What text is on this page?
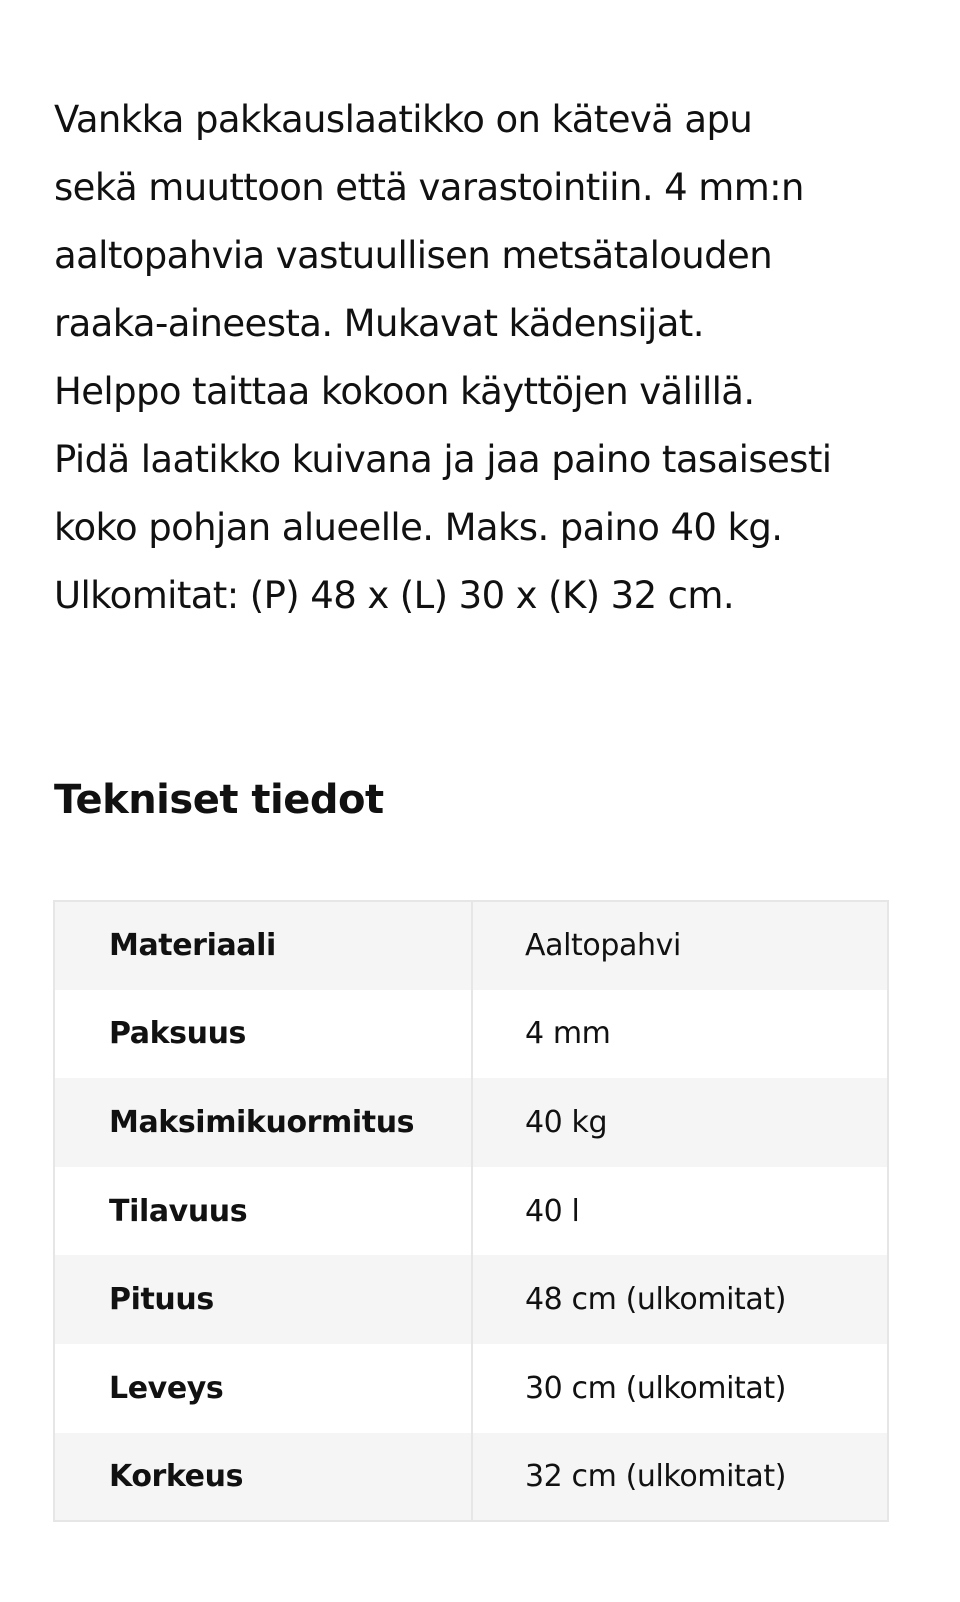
Vankka pakkauslaatikko on kätevä apu
sekä muuttoon että varastointiin. 4 mm:n
aaltopahvia vastuullisen metsätalouden
raaka-aineesta. Mukavat kädensijat.
Helppo taittaa kokoon käyttöjen välillä.
Pidä laatikko kuivana ja jaa paino tasaisesti
koko pohjan alueelle. Maks. paino 40 kg.
Ulkomitat: (P) 48 x (L) 30 x (K) 32 cm.

Tekniset tiedot
Materiaali	Aaltopahvi
Paksuus	4 mm
Maksimikuormitus	40 kg
Tilavuus	40 l
Pituus	48 cm (ulkomitat)
Leveys	30 cm (ulkomitat)
Korkeus	32 cm (ulkomitat)
